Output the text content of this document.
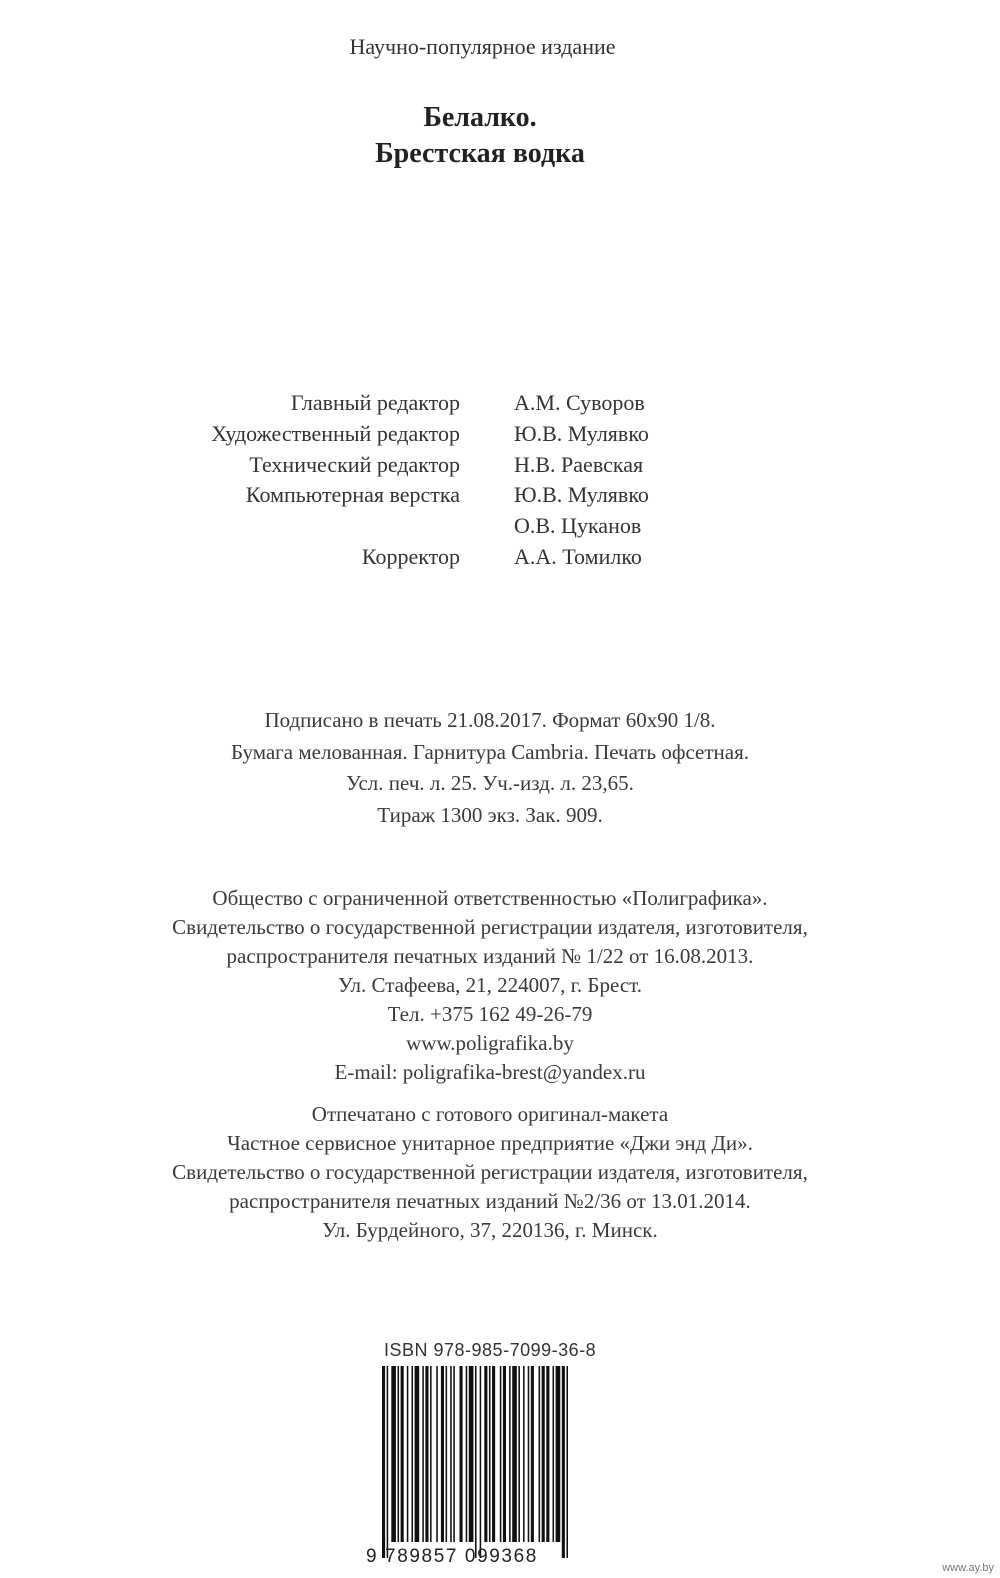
Научно-популярное издание
Белалко.
Брестская водка
Главный редактор А.М. Суворов
Художественный редактор Ю.В. Мулявко
Технический редактор Н.В. Раевская
Компьютерная верстка Ю.В. Мулявко
О.В. Цуканов
Корректор А.А. Томилко
Подписано в печать 21.08.2017. Формат 60x90 1/8.
Бумага мелованная. Гарнитура Cambria. Печать офсетная.
Усл. печ. л. 25. Уч.-изд. л. 23,65.
Тираж 1300 экз. Зак. 909.
Общество с ограниченной ответственностью «Полиграфика».
Свидетельство о государственной регистрации издателя, изготовителя,
распространителя печатных изданий № 1/22 от 16.08.2013.
Ул. Стафеева, 21, 224007, г. Брест.
Тел. +375 162 49-26-79
www.poligrafika.by
E-mail: poligrafika-brest@yandex.ru
Отпечатано с готового оригинал-макета
Частное сервисное унитарное предприятие «Джи энд Ди».
Свидетельство о государственной регистрации издателя, изготовителя,
распространителя печатных изданий №2/36 от 13.01.2014.
Ул. Бурдейного, 37, 220136, г. Минск.
ISBN 978-985-7099-36-8
9 789857 099368
www.ay.by
